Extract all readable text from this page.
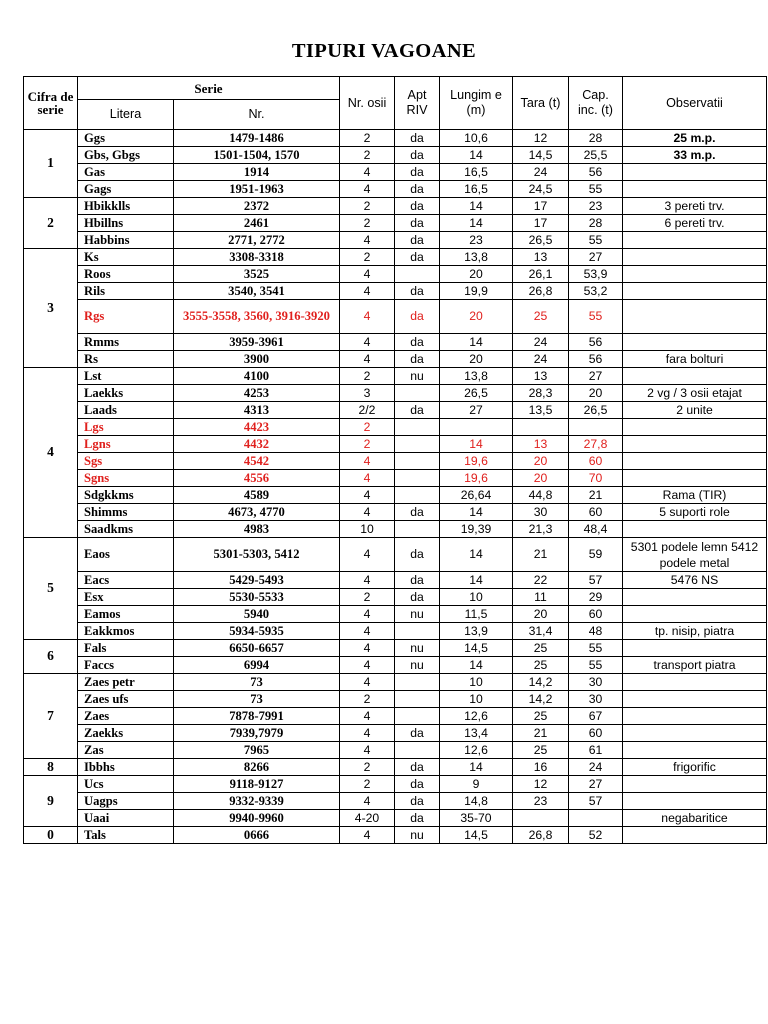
TIPURI VAGOANE
Cifra de serie	Serie		Nr. osii	Apt RIV	Lungim e (m)	Tara (t)	Cap. inc. (t)	Observatii
	Litera	Nr.						
1	Ggs	1479-1486	2	da	10,6	12	28	25 m.p.
	Gbs, Gbgs	1501-1504, 1570	2	da	14	14,5	25,5	33 m.p.
	Gas	1914	4	da	16,5	24	56	
	Gags	1951-1963	4	da	16,5	24,5	55	
2	Hbikklls	2372	2	da	14	17	23	3 pereti trv.
	Hbillns	2461	2	da	14	17	28	6 pereti trv.
	Habbins	2771, 2772	4	da	23	26,5	55	
3	Ks	3308-3318	2	da	13,8	13	27	
	Roos	3525	4		20	26,1	53,9	
	Rils	3540, 3541	4	da	19,9	26,8	53,2	
	Rgs	3555-3558, 3560, 3916-3920	4	da	20	25	55	
	Rmms	3959-3961	4	da	14	24	56	
	Rs	3900	4	da	20	24	56	fara bolturi
4	Lst	4100	2	nu	13,8	13	27	
	Laekks	4253	3		26,5	28,3	20	2 vg / 3 osii etajat
	Laads	4313	2/2	da	27	13,5	26,5	2 unite
	Lgs	4423	2					
	Lgns	4432	2		14	13	27,8	
	Sgs	4542	4		19,6	20	60	
	Sgns	4556	4		19,6	20	70	
	Sdgkkms	4589	4		26,64	44,8	21	Rama (TIR)
	Shimms	4673, 4770	4	da	14	30	60	5 suporti role
	Saadkms	4983	10		19,39	21,3	48,4	
5	Eaos	5301-5303, 5412	4	da	14	21	59	5301 podele lemn 5412 podele metal
	Eacs	5429-5493	4	da	14	22	57	5476 NS
	Esx	5530-5533	2	da	10	11	29	
	Eamos	5940	4	nu	11,5	20	60	
	Eakkmos	5934-5935	4		13,9	31,4	48	tp. nisip, piatra
6	Fals	6650-6657	4	nu	14,5	25	55	
	Faccs	6994	4	nu	14	25	55	transport piatra
7	Zaes petr	73	4		10	14,2	30	
	Zaes ufs	73	2		10	14,2	30	
	Zaes	7878-7991	4		12,6	25	67	
	Zaekks	7939,7979	4	da	13,4	21	60	
	Zas	7965	4		12,6	25	61	
8	Ibbhs	8266	2	da	14	16	24	frigorific
9	Ucs	9118-9127	2	da	9	12	27	
	Uagps	9332-9339	4	da	14,8	23	57	
	Uaai	9940-9960	4-20	da	35-70			negabaritice
0	Tals	0666	4	nu	14,5	26,8	52	
